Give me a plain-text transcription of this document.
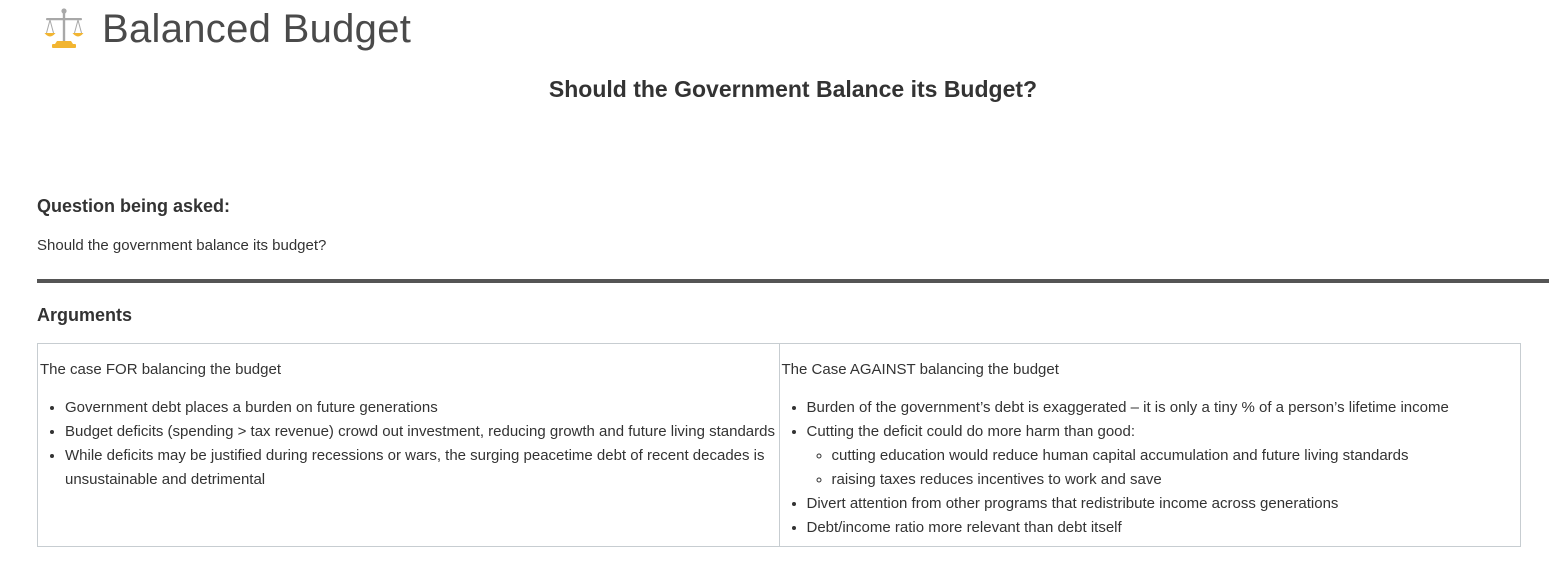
Balanced Budget
Should the Government Balance its Budget?
Question being asked:
Should the government balance its budget?
Arguments
The case FOR balancing the budget
• Government debt places a burden on future generations
• Budget deficits (spending > tax revenue) crowd out investment, reducing growth and future living standards
• While deficits may be justified during recessions or wars, the surging peacetime debt of recent decades is unsustainable and detrimental

The Case AGAINST balancing the budget
• Burden of the government’s debt is exaggerated – it is only a tiny % of a person’s lifetime income
• Cutting the deficit could do more harm than good:
◦ cutting education would reduce human capital accumulation and future living standards
◦ raising taxes reduces incentives to work and save
• Divert attention from other programs that redistribute income across generations
• Debt/income ratio more relevant than debt itself
